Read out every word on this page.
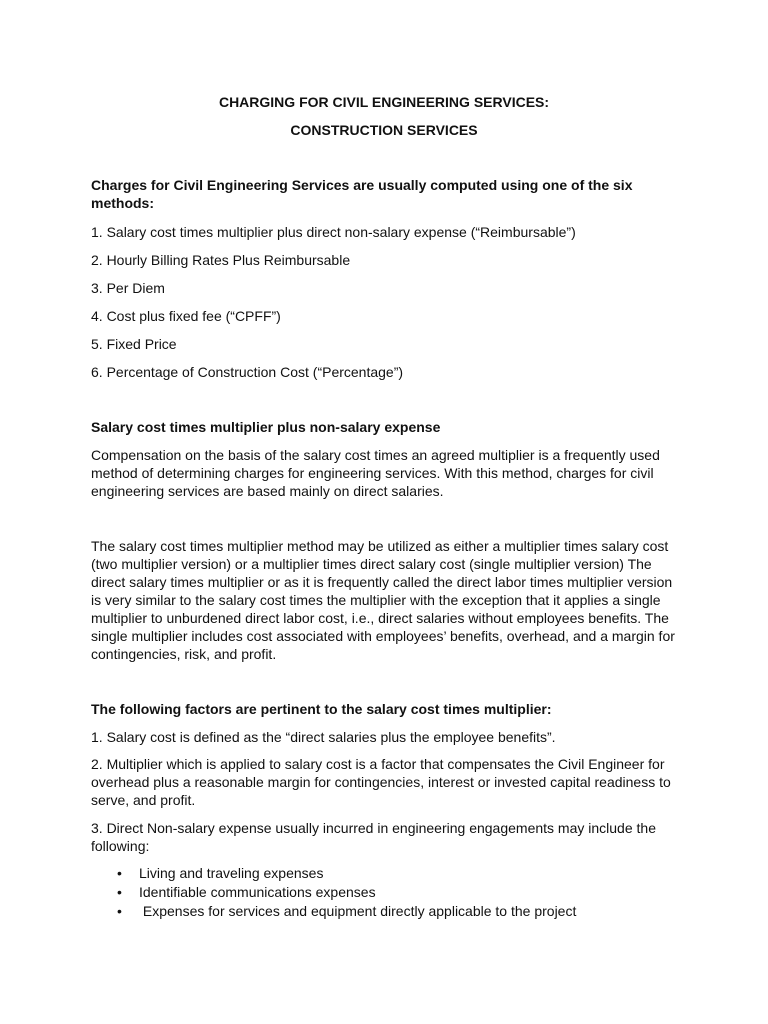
CHARGING FOR CIVIL ENGINEERING SERVICES:
CONSTRUCTION SERVICES
Charges for Civil Engineering Services are usually computed using one of the six methods:
1. Salary cost times multiplier plus direct non-salary expense (“Reimbursable”)
2. Hourly Billing Rates Plus Reimbursable
3. Per Diem
4. Cost plus fixed fee (“CPFF”)
5. Fixed Price
6. Percentage of Construction Cost (“Percentage”)
Salary cost times multiplier plus non-salary expense
Compensation on the basis of the salary cost times an agreed multiplier is a frequently used method of determining charges for engineering services. With this method, charges for civil engineering services are based mainly on direct salaries.
The salary cost times multiplier method may be utilized as either a multiplier times salary cost (two multiplier version) or a multiplier times direct salary cost (single multiplier version) The direct salary times multiplier or as it is frequently called the direct labor times multiplier version is very similar to the salary cost times the multiplier with the exception that it applies a single multiplier to unburdened direct labor cost, i.e., direct salaries without employees benefits. The single multiplier includes cost associated with employees’ benefits, overhead, and a margin for contingencies, risk, and profit.
The following factors are pertinent to the salary cost times multiplier:
1. Salary cost is defined as the “direct salaries plus the employee benefits”.
2. Multiplier which is applied to salary cost is a factor that compensates the Civil Engineer for overhead plus a reasonable margin for contingencies, interest or invested capital readiness to serve, and profit.
3. Direct Non-salary expense usually incurred in engineering engagements may include the following:
• Living and traveling expenses
• Identifiable communications expenses
• Expenses for services and equipment directly applicable to the project
